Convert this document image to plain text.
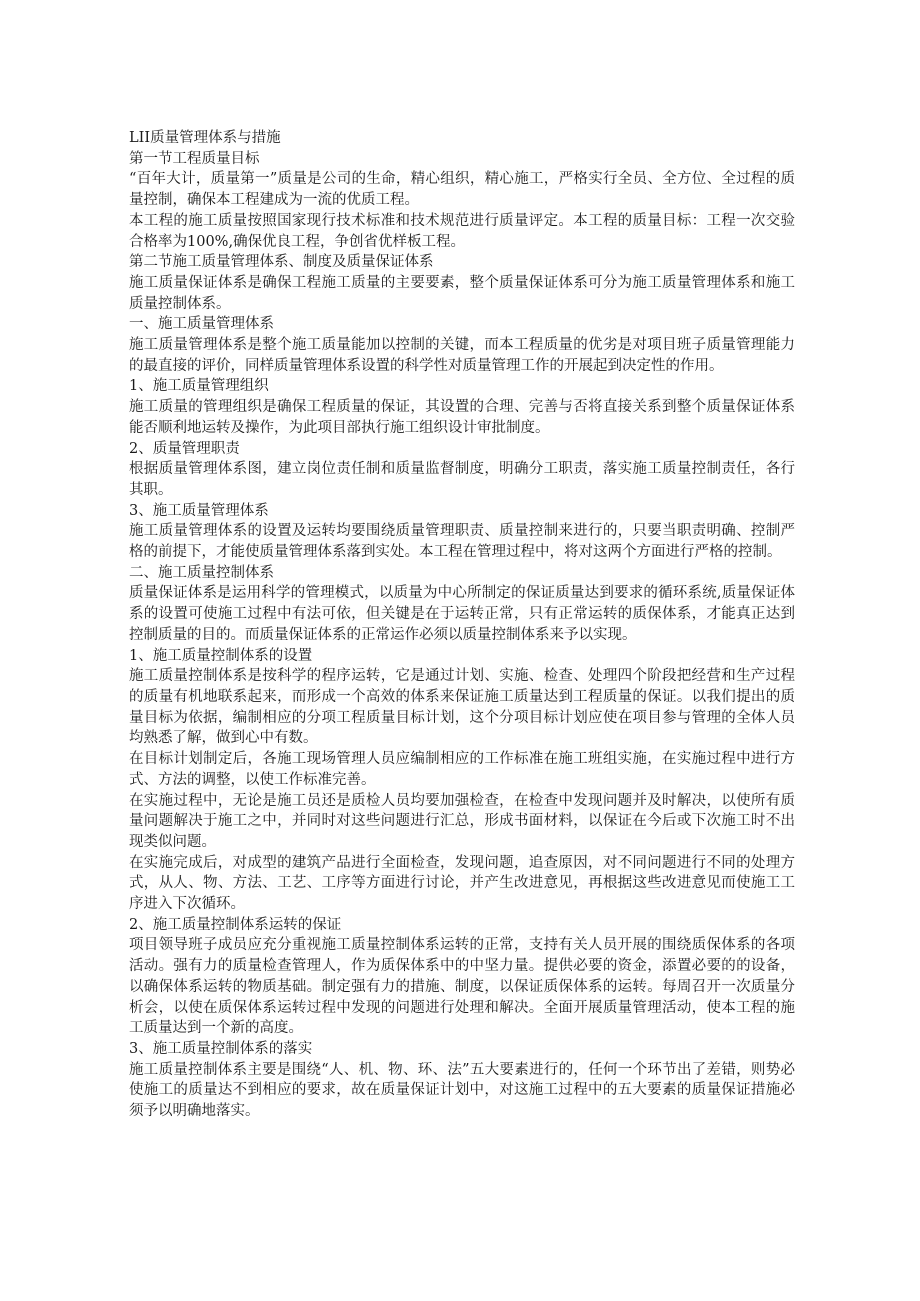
LII质量管理体系与措施

第一节工程质量目标

“百年大计，质量第一”质量是公司的生命，精心组织，精心施工，严格实行全员、全方位、全过程的质量控制，确保本工程建成为一流的优质工程。

本工程的施工质量按照国家现行技术标准和技术规范进行质量评定。本工程的质量目标：工程一次交验合格率为100%,确保优良工程，争创省优样板工程。

第二节施工质量管理体系、制度及质量保证体系

施工质量保证体系是确保工程施工质量的主要要素，整个质量保证体系可分为施工质量管理体系和施工质量控制体系。

一、施工质量管理体系

施工质量管理体系是整个施工质量能加以控制的关键，而本工程质量的优劣是对项目班子质量管理能力的最直接的评价，同样质量管理体系设置的科学性对质量管理工作的开展起到决定性的作用。

1、施工质量管理组织

施工质量的管理组织是确保工程质量的保证，其设置的合理、完善与否将直接关系到整个质量保证体系能否顺利地运转及操作，为此项目部执行施工组织设计审批制度。

2、质量管理职责

根据质量管理体系图，建立岗位责任制和质量监督制度，明确分工职责，落实施工质量控制责任，各行其职。

3、施工质量管理体系

施工质量管理体系的设置及运转均要围绕质量管理职责、质量控制来进行的，只要当职责明确、控制严格的前提下，才能使质量管理体系落到实处。本工程在管理过程中，将对这两个方面进行严格的控制。

二、施工质量控制体系

质量保证体系是运用科学的管理模式，以质量为中心所制定的保证质量达到要求的循环系统,质量保证体系的设置可使施工过程中有法可依，但关键是在于运转正常，只有正常运转的质保体系，才能真正达到控制质量的目的。而质量保证体系的正常运作必须以质量控制体系来予以实现。

1、施工质量控制体系的设置

施工质量控制体系是按科学的程序运转，它是通过计划、实施、检查、处理四个阶段把经营和生产过程的质量有机地联系起来，而形成一个高效的体系来保证施工质量达到工程质量的保证。以我们提出的质量目标为依据，编制相应的分项工程质量目标计划，这个分项目标计划应使在项目参与管理的全体人员均熟悉了解，做到心中有数。

在目标计划制定后，各施工现场管理人员应编制相应的工作标准在施工班组实施，在实施过程中进行方式、方法的调整，以使工作标准完善。

在实施过程中，无论是施工员还是质检人员均要加强检查，在检查中发现问题并及时解决，以使所有质量问题解决于施工之中，并同时对这些问题进行汇总，形成书面材料，以保证在今后或下次施工时不出现类似问题。

在实施完成后，对成型的建筑产品进行全面检查，发现问题，追查原因，对不同问题进行不同的处理方式，从人、物、方法、工艺、工序等方面进行讨论，并产生改进意见，再根据这些改进意见而使施工工序进入下次循环。

2、施工质量控制体系运转的保证

项目领导班子成员应充分重视施工质量控制体系运转的正常，支持有关人员开展的围绕质保体系的各项活动。强有力的质量检查管理人，作为质保体系中的中坚力量。提供必要的资金，添置必要的的设备，以确保体系运转的物质基础。制定强有力的措施、制度，以保证质保体系的运转。每周召开一次质量分析会，以使在质保体系运转过程中发现的问题进行处理和解决。全面开展质量管理活动，使本工程的施工质量达到一个新的高度。

3、施工质量控制体系的落实

施工质量控制体系主要是围绕“人、机、物、环、法”五大要素进行的，任何一个环节出了差错，则势必使施工的质量达不到相应的要求，故在质量保证计划中，对这施工过程中的五大要素的质量保证措施必须予以明确地落实。
